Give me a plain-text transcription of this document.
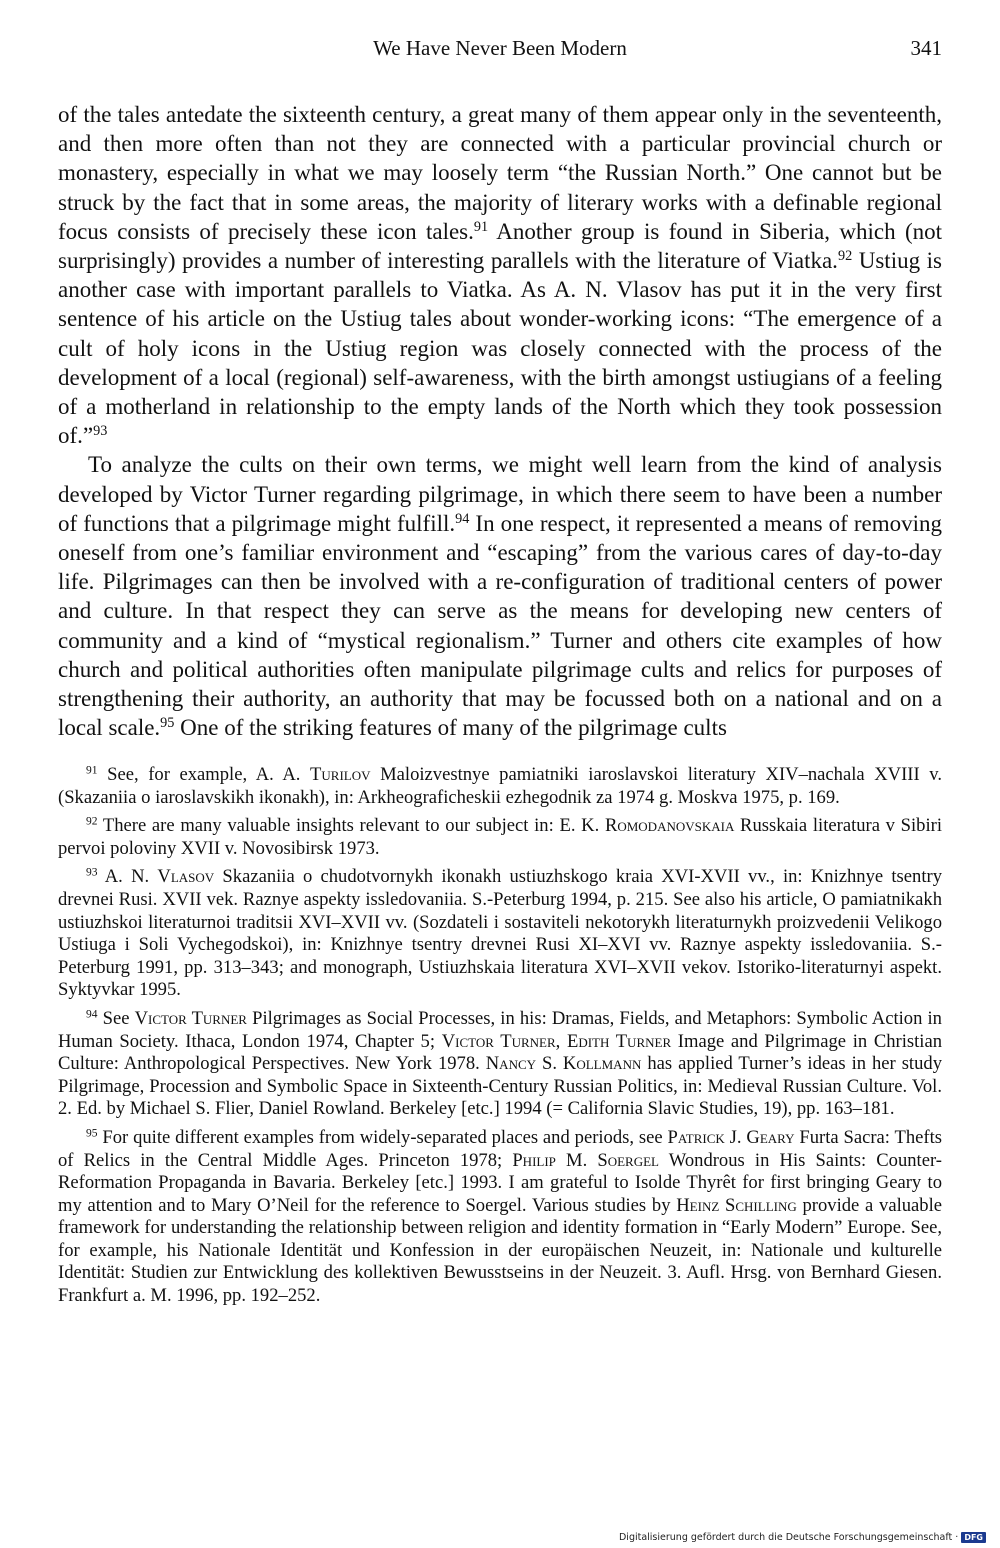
We Have Never Been Modern	341

of the tales antedate the sixteenth century, a great many of them appear only in the seventeenth, and then more often than not they are connected with a particular provincial church or monastery, especially in what we may loosely term “the Russian North.” One cannot but be struck by the fact that in some areas, the majority of literary works with a definable regional focus consists of precisely these icon tales.$^{91}$ Another group is found in Siberia, which (not surprisingly) provides a number of interesting parallels with the literature of Viatka.$^{92}$ Ustiug is another case with important parallels to Viatka. As A. N. Vlasov has put it in the very first sentence of his article on the Ustiug tales about wonder-working icons: “The emergence of a cult of holy icons in the Ustiug region was closely connected with the process of the development of a local (regional) self-awareness, with the birth amongst ustiugians of a feeling of a motherland in relationship to the empty lands of the North which they took possession of.”$^{93}$

To analyze the cults on their own terms, we might well learn from the kind of analysis developed by Victor Turner regarding pilgrimage, in which there seem to have been a number of functions that a pilgrimage might fulfill.$^{94}$ In one respect, it represented a means of removing oneself from one’s familiar environment and “escaping” from the various cares of day-to-day life. Pilgrimages can then be involved with a re-configuration of traditional centers of power and culture. In that respect they can serve as the means for developing new centers of community and a kind of “mystical regionalism.” Turner and others cite examples of how church and political authorities often manipulate pilgrimage cults and relics for purposes of strengthening their authority, an authority that may be focussed both on a national and on a local scale.$^{95}$ One of the striking features of many of the pilgrimage cults

$^{91}$ See, for example, A. A. Turilov Maloizvestnye pamiatniki iaroslavskoi literatury XIV–nachala XVIII v. (Skazaniia o iaroslavskikh ikonakh), in: Arkheograficheskii ezhegodnik za 1974 g. Moskva 1975, p. 169.

$^{92}$ There are many valuable insights relevant to our subject in: E. K. Romodanovskaia Russkaia literatura v Sibiri pervoi poloviny XVII v. Novosibirsk 1973.

$^{93}$ A. N. Vlasov Skazaniia o chudotvornykh ikonakh ustiuzhskogo kraia XVI-XVII vv., in: Knizhnye tsentry drevnei Rusi. XVII vek. Raznye aspekty issledovaniia. S.-Peterburg 1994, p. 215. See also his article, O pamiatnikakh ustiuzhskoi literaturnoi traditsii XVI–XVII vv. (Sozdateli i sostaviteli nekotorykh literaturnykh proizvedenii Velikogo Ustiuga i Soli Vychegodskoi), in: Knizhnye tsentry drevnei Rusi XI–XVI vv. Raznye aspekty issledovaniia. S.-Peterburg 1991, pp. 313–343; and monograph, Ustiuzhskaia literatura XVI–XVII vekov. Istoriko-literaturnyi aspekt. Syktyvkar 1995.

$^{94}$ See Victor Turner Pilgrimages as Social Processes, in his: Dramas, Fields, and Metaphors: Symbolic Action in Human Society. Ithaca, London 1974, Chapter 5; Victor Turner, Edith Turner Image and Pilgrimage in Christian Culture: Anthropological Perspectives. New York 1978. Nancy S. Kollmann has applied Turner’s ideas in her study Pilgrimage, Procession and Symbolic Space in Sixteenth-Century Russian Politics, in: Medieval Russian Culture. Vol. 2. Ed. by Michael S. Flier, Daniel Rowland. Berkeley [etc.] 1994 (= California Slavic Studies, 19), pp. 163–181.

$^{95}$ For quite different examples from widely-separated places and periods, see Patrick J. Geary Furta Sacra: Thefts of Relics in the Central Middle Ages. Princeton 1978; Philip M. Soergel Wondrous in His Saints: Counter-Reformation Propaganda in Bavaria. Berkeley [etc.] 1993. I am grateful to Isolde Thyrêt for first bringing Geary to my attention and to Mary O’Neil for the reference to Soergel. Various studies by Heinz Schilling provide a valuable framework for understanding the relationship between religion and identity formation in “Early Modern” Europe. See, for example, his Nationale Identität und Konfession in der europäischen Neuzeit, in: Nationale und kulturelle Identität: Studien zur Entwicklung des kollektiven Bewusstseins in der Neuzeit. 3. Aufl. Hrsg. von Bernhard Giesen. Frankfurt a. M. 1996, pp. 192–252.

Digitalisierung gefördert durch die Deutsche Forschungsgemeinschaft · DFG
